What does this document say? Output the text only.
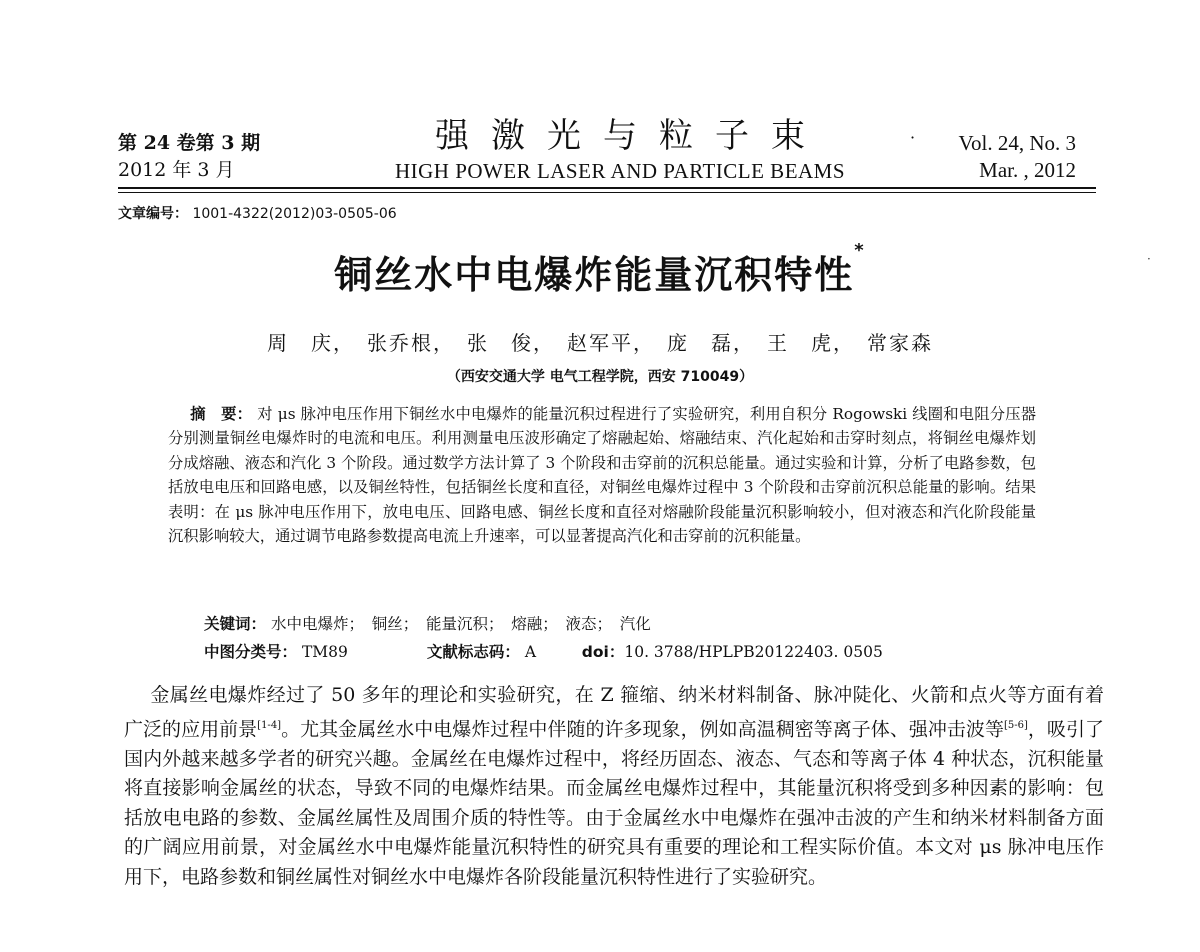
第 24 卷第 3 期
2012 年 3 月
强激光与粒子束
HIGH POWER LASER AND PARTICLE BEAMS
· Vol. 24, No. 3
Mar. , 2012
文章编号： 1001-4322(2012)03-0505-06
铜丝水中电爆炸能量沉积特性*	·
周　庆，　张乔根，　张　俊，　赵军平，　庞　磊，　王　虎，　常家森
（西安交通大学 电气工程学院，西安 710049）
摘　要： 对 μs 脉冲电压作用下铜丝水中电爆炸的能量沉积过程进行了实验研究，利用自积分 Rogowski 线圈和电阻分压器分别测量铜丝电爆炸时的电流和电压。利用测量电压波形确定了熔融起始、熔融结束、汽化起始和击穿时刻点，将铜丝电爆炸划分成熔融、液态和汽化 3 个阶段。通过数学方法计算了 3 个阶段和击穿前的沉积总能量。通过实验和计算，分析了电路参数，包括放电电压和回路电感，以及铜丝特性，包括铜丝长度和直径，对铜丝电爆炸过程中 3 个阶段和击穿前沉积总能量的影响。结果表明：在 μs 脉冲电压作用下，放电电压、回路电感、铜丝长度和直径对熔融阶段能量沉积影响较小，但对液态和汽化阶段能量沉积影响较大，通过调节电路参数提高电流上升速率，可以显著提高汽化和击穿前的沉积能量。
关键词： 水中电爆炸；　铜丝；　能量沉积；　熔融；　液态；　汽化
中图分类号： TM89	文献标志码： A	doi：10. 3788/HPLPB20122403. 0505
金属丝电爆炸经过了 50 多年的理论和实验研究，在 Z 箍缩、纳米材料制备、脉冲陡化、火箭和点火等方面有着广泛的应用前景[1-4]。尤其金属丝水中电爆炸过程中伴随的许多现象，例如高温稠密等离子体、强冲击波等[5-6]，吸引了国内外越来越多学者的研究兴趣。金属丝在电爆炸过程中，将经历固态、液态、气态和等离子体 4 种状态，沉积能量将直接影响金属丝的状态，导致不同的电爆炸结果。而金属丝电爆炸过程中，其能量沉积将受到多种因素的影响：包括放电电路的参数、金属丝属性及周围介质的特性等。由于金属丝水中电爆炸在强冲击波的产生和纳米材料制备方面的广阔应用前景，对金属丝水中电爆炸能量沉积特性的研究具有重要的理论和工程实际价值。本文对 μs 脉冲电压作用下，电路参数和铜丝属性对铜丝水中电爆炸各阶段能量沉积特性进行了实验研究。
